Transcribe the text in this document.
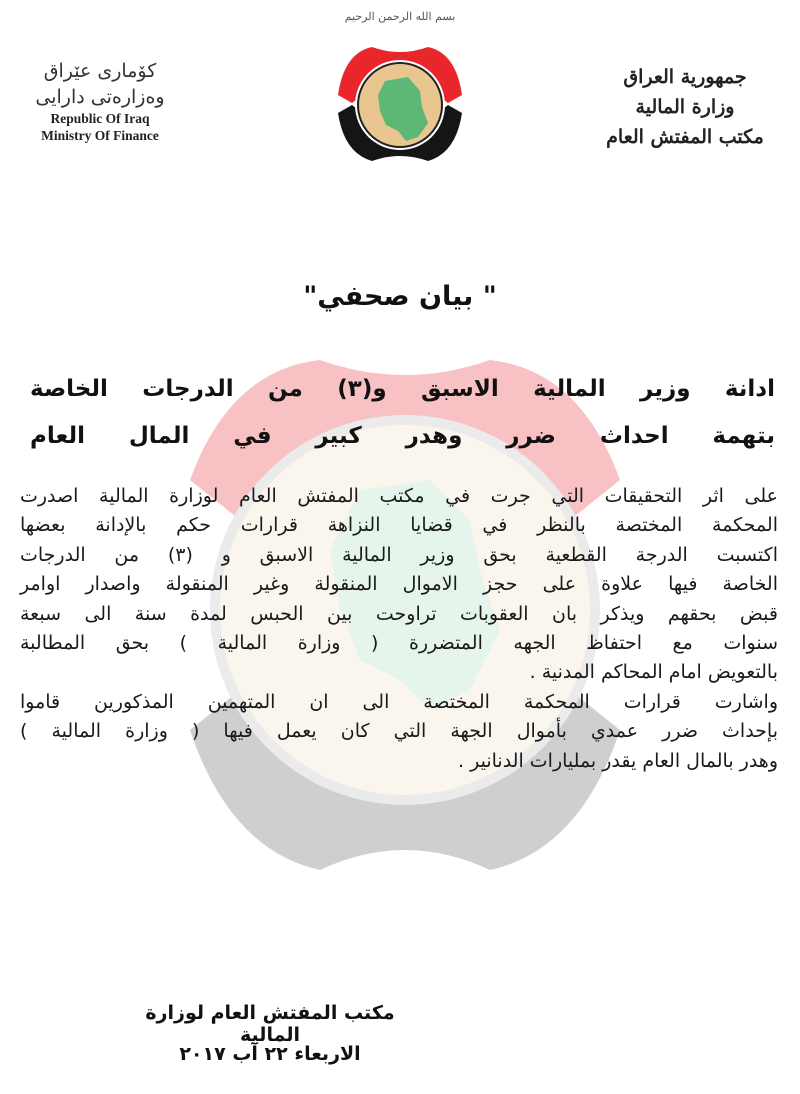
كۆماری عێراق
وەزارەتی دارایی
Republic Of Iraq
Ministry Of Finance
بسم الله الرحمن الرحيم
جمهورية العراق
وزارة المالية
مكتب المفتش العام
" بيان صحفي"
ادانة وزير المالية الاسبق و(٣) من الدرجات الخاصة
بتهمة احداث ضرر وهدر كبير في المال العام
على اثر التحقيقات التي جرت في مكتب المفتش العام لوزارة المالية اصدرت
المحكمة المختصة بالنظر في قضايا النزاهة قرارات حكم بالإدانة بعضها
اكتسبت الدرجة القطعية بحق وزير المالية الاسبق و (٣) من الدرجات
الخاصة فيها علاوة على حجز الاموال المنقولة وغير المنقولة واصدار اوامر
قبض بحقهم ويذكر بان العقوبات تراوحت بين الحبس لمدة سنة الى سبعة
سنوات مع احتفاظ الجهه المتضررة ( وزارة المالية ) بحق المطالبة
بالتعويض امام المحاكم المدنية .
واشارت قرارات المحكمة المختصة الى ان المتهمين المذكورين قاموا
بإحداث ضرر عمدي بأموال الجهة التي كان يعمل فيها ( وزارة المالية )
وهدر بالمال العام يقدر بمليارات الدنانير .
مكتب المفتش العام لوزارة المالية
الاربعاء ٢٢ آب ٢٠١٧
